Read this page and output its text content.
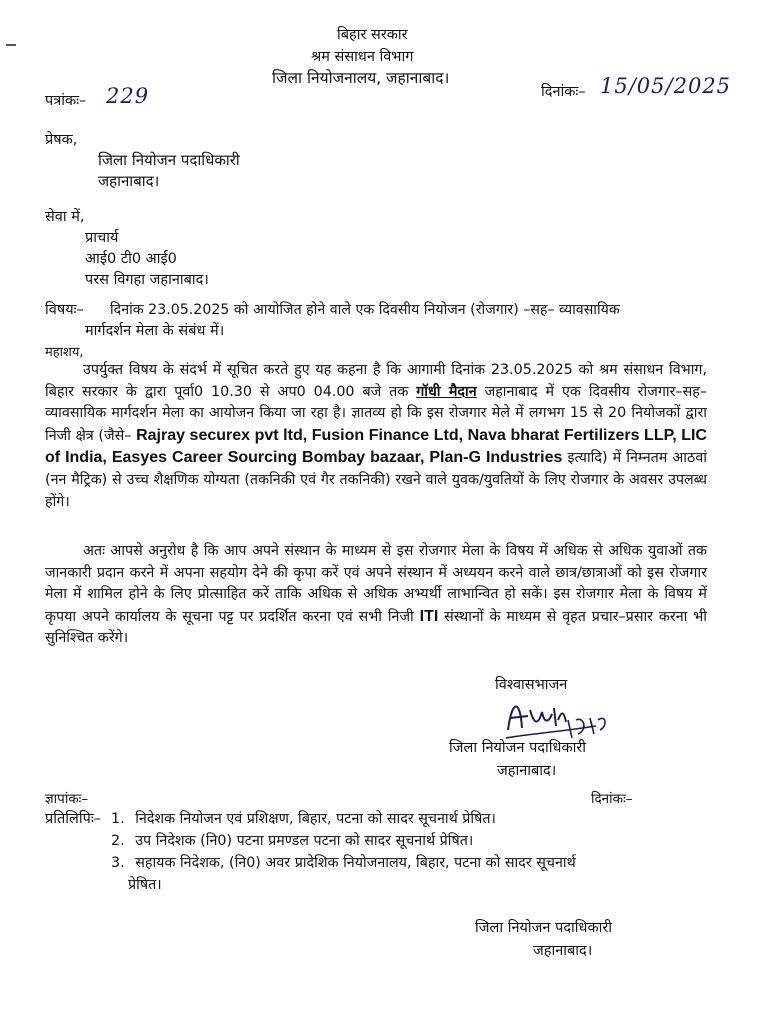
बिहार सरकार
श्रम संसाधन विभाग
जिला नियोजनालय, जहानाबाद।
पत्रांकः– 229	दिनांकः– 15/05/2025
प्रेषक,
जिला नियोजन पदाधिकारी
जहानाबाद।
सेवा में,
प्राचार्य
आई0 टी0 आई0
परस विगहा जहानाबाद।
विषयः– दिनांक 23.05.2025 को आयोजित होने वाले एक दिवसीय नियोजन (रोजगार) –सह– व्यावसायिक
मार्गदर्शन मेला के संबंध में।
महाशय,

उपर्युक्त विषय के संदर्भ में सूचित करते हुए यह कहना है कि आगामी दिनांक 23.05.2025 को श्रम संसाधन विभाग, बिहार सरकार के द्वारा पूर्वा0 10.30 से अप0 04.00 बजे तक गॉधी मैदान जहानाबाद में एक दिवसीय रोजगार–सह– व्यावसायिक मार्गदर्शन मेला का आयोजन किया जा रहा है। ज्ञातव्य हो कि इस रोजगार मेले में लगभग 15 से 20 नियोजकों द्वारा निजी क्षेत्र (जैसे– Rajray securex pvt ltd, Fusion Finance Ltd, Nava bharat Fertilizers LLP, LIC of India, Easyes Career Sourcing Bombay bazaar, Plan-G Industries इत्यादि) में निम्नतम आठवां (नन मैट्रिक) से उच्च शैक्षणिक योग्यता (तकनिकी एवं गैर तकनिकी) रखने वाले युवक/युवतियों के लिए रोजगार के अवसर उपलब्ध होंगे।

अतः आपसे अनुरोध है कि आप अपने संस्थान के माध्यम से इस रोजगार मेला के विषय में अधिक से अधिक युवाओं तक जानकारी प्रदान करने में अपना सहयोग देने की कृपा करें एवं अपने संस्थान में अध्ययन करने वाले छात्र/छात्राओं को इस रोजगार मेला में शामिल होने के लिए प्रोत्साहित करें ताकि अधिक से अधिक अभ्यर्थी लाभान्वित हो सकें। इस रोजगार मेला के विषय में कृपया अपने कार्यालय के सूचना पट्ट पर प्रदर्शित करना एवं सभी निजी ITI संस्थानों के माध्यम से वृहत प्रचार–प्रसार करना भी सुनिश्चित करेंगे।

विश्वासभाजन
जिला नियोजन पदाधिकारी
जहानाबाद।
ज्ञापांकः–	दिनांकः–
प्रतिलिपिः– 1. निदेशक नियोजन एवं प्रशिक्षण, बिहार, पटना को सादर सूचनार्थ प्रेषित।
2. उप निदेशक (नि0) पटना प्रमण्डल पटना को सादर सूचनार्थ प्रेषित।
3. सहायक निदेशक, (नि0) अवर प्रादेशिक नियोजनालय, बिहार, पटना को सादर सूचनार्थ
प्रेषित।
जिला नियोजन पदाधिकारी
जहानाबाद।
